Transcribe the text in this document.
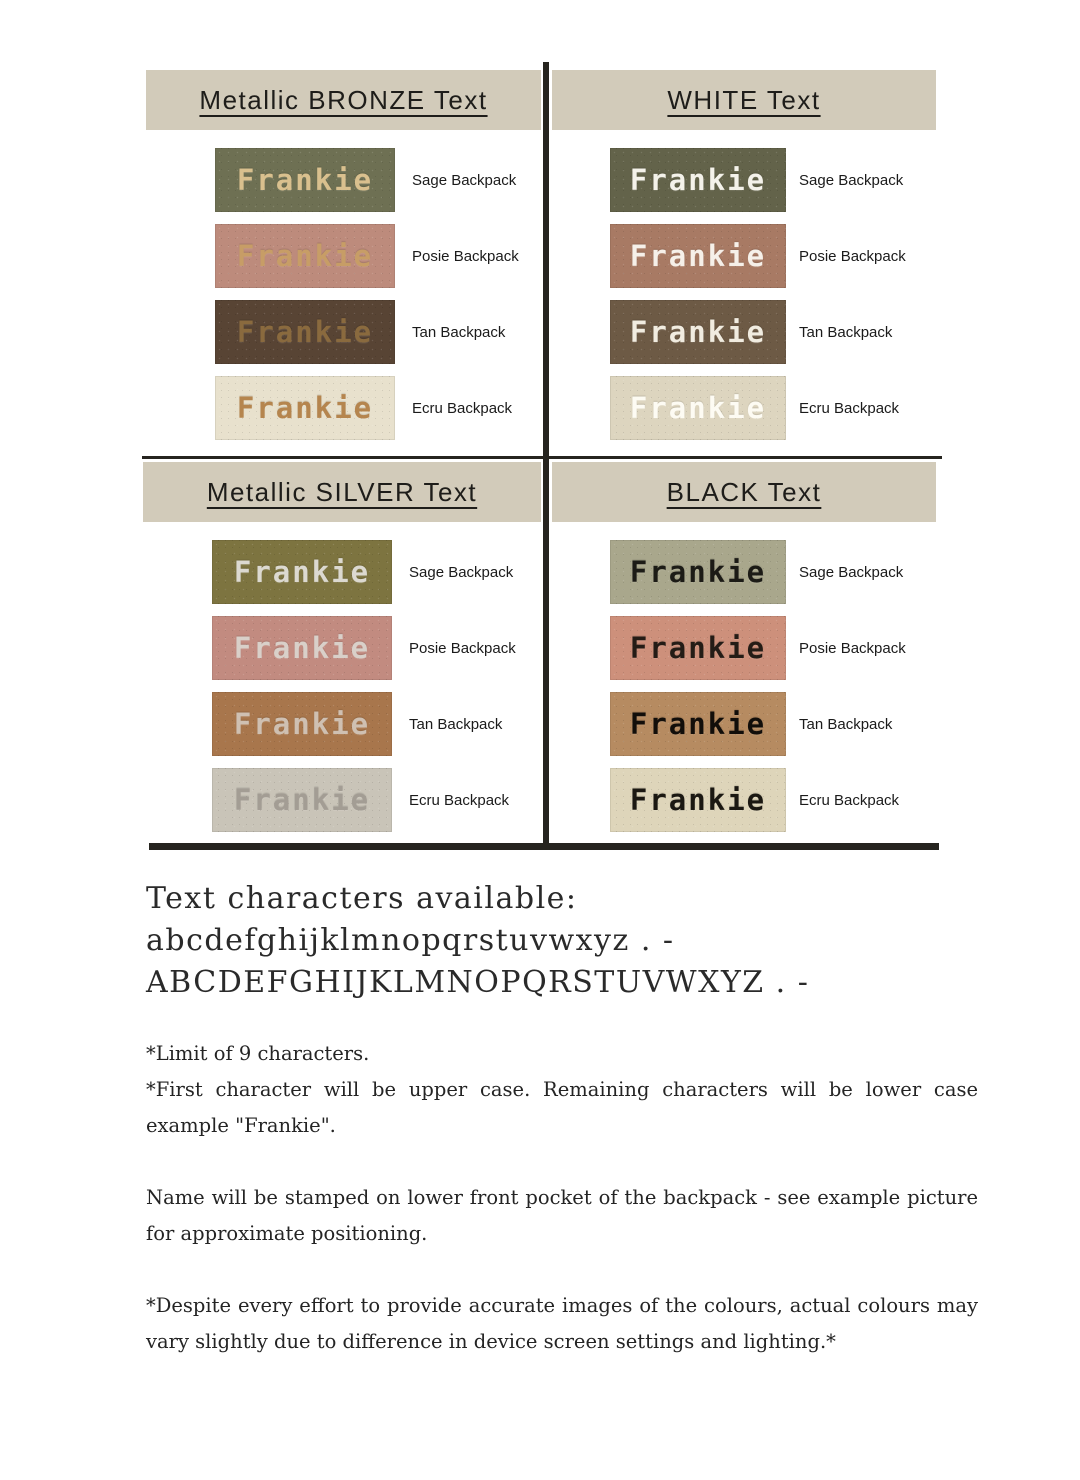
Metallic BRONZE Text
Frankie	Sage Backpack
Frankie	Posie Backpack
Frankie	Tan Backpack
Frankie	Ecru Backpack
WHITE Text
Frankie Sage Backpack
Frankie Posie Backpack
Frankie Tan Backpack
Frankie Ecru Backpack
Metallic SILVER Text
Frankie	Sage Backpack
Frankie	Posie Backpack
Frankie	Tan Backpack
Frankie	Ecru Backpack
BLACK Text
Frankie Sage Backpack
Frankie Posie Backpack
Frankie Tan Backpack
Frankie Ecru Backpack
Text characters available:
abcdefghijklmnopqrstuvwxyz . -
ABCDEFGHIJKLMNOPQRSTUVWXYZ . -
*Limit of 9 characters.
*First character will be upper case. Remaining characters will be lower case example "Frankie".
Name will be stamped on lower front pocket of the backpack - see example picture for approximate positioning.
*Despite every effort to provide accurate images of the colours, actual colours may vary slightly due to difference in device screen settings and lighting.*
